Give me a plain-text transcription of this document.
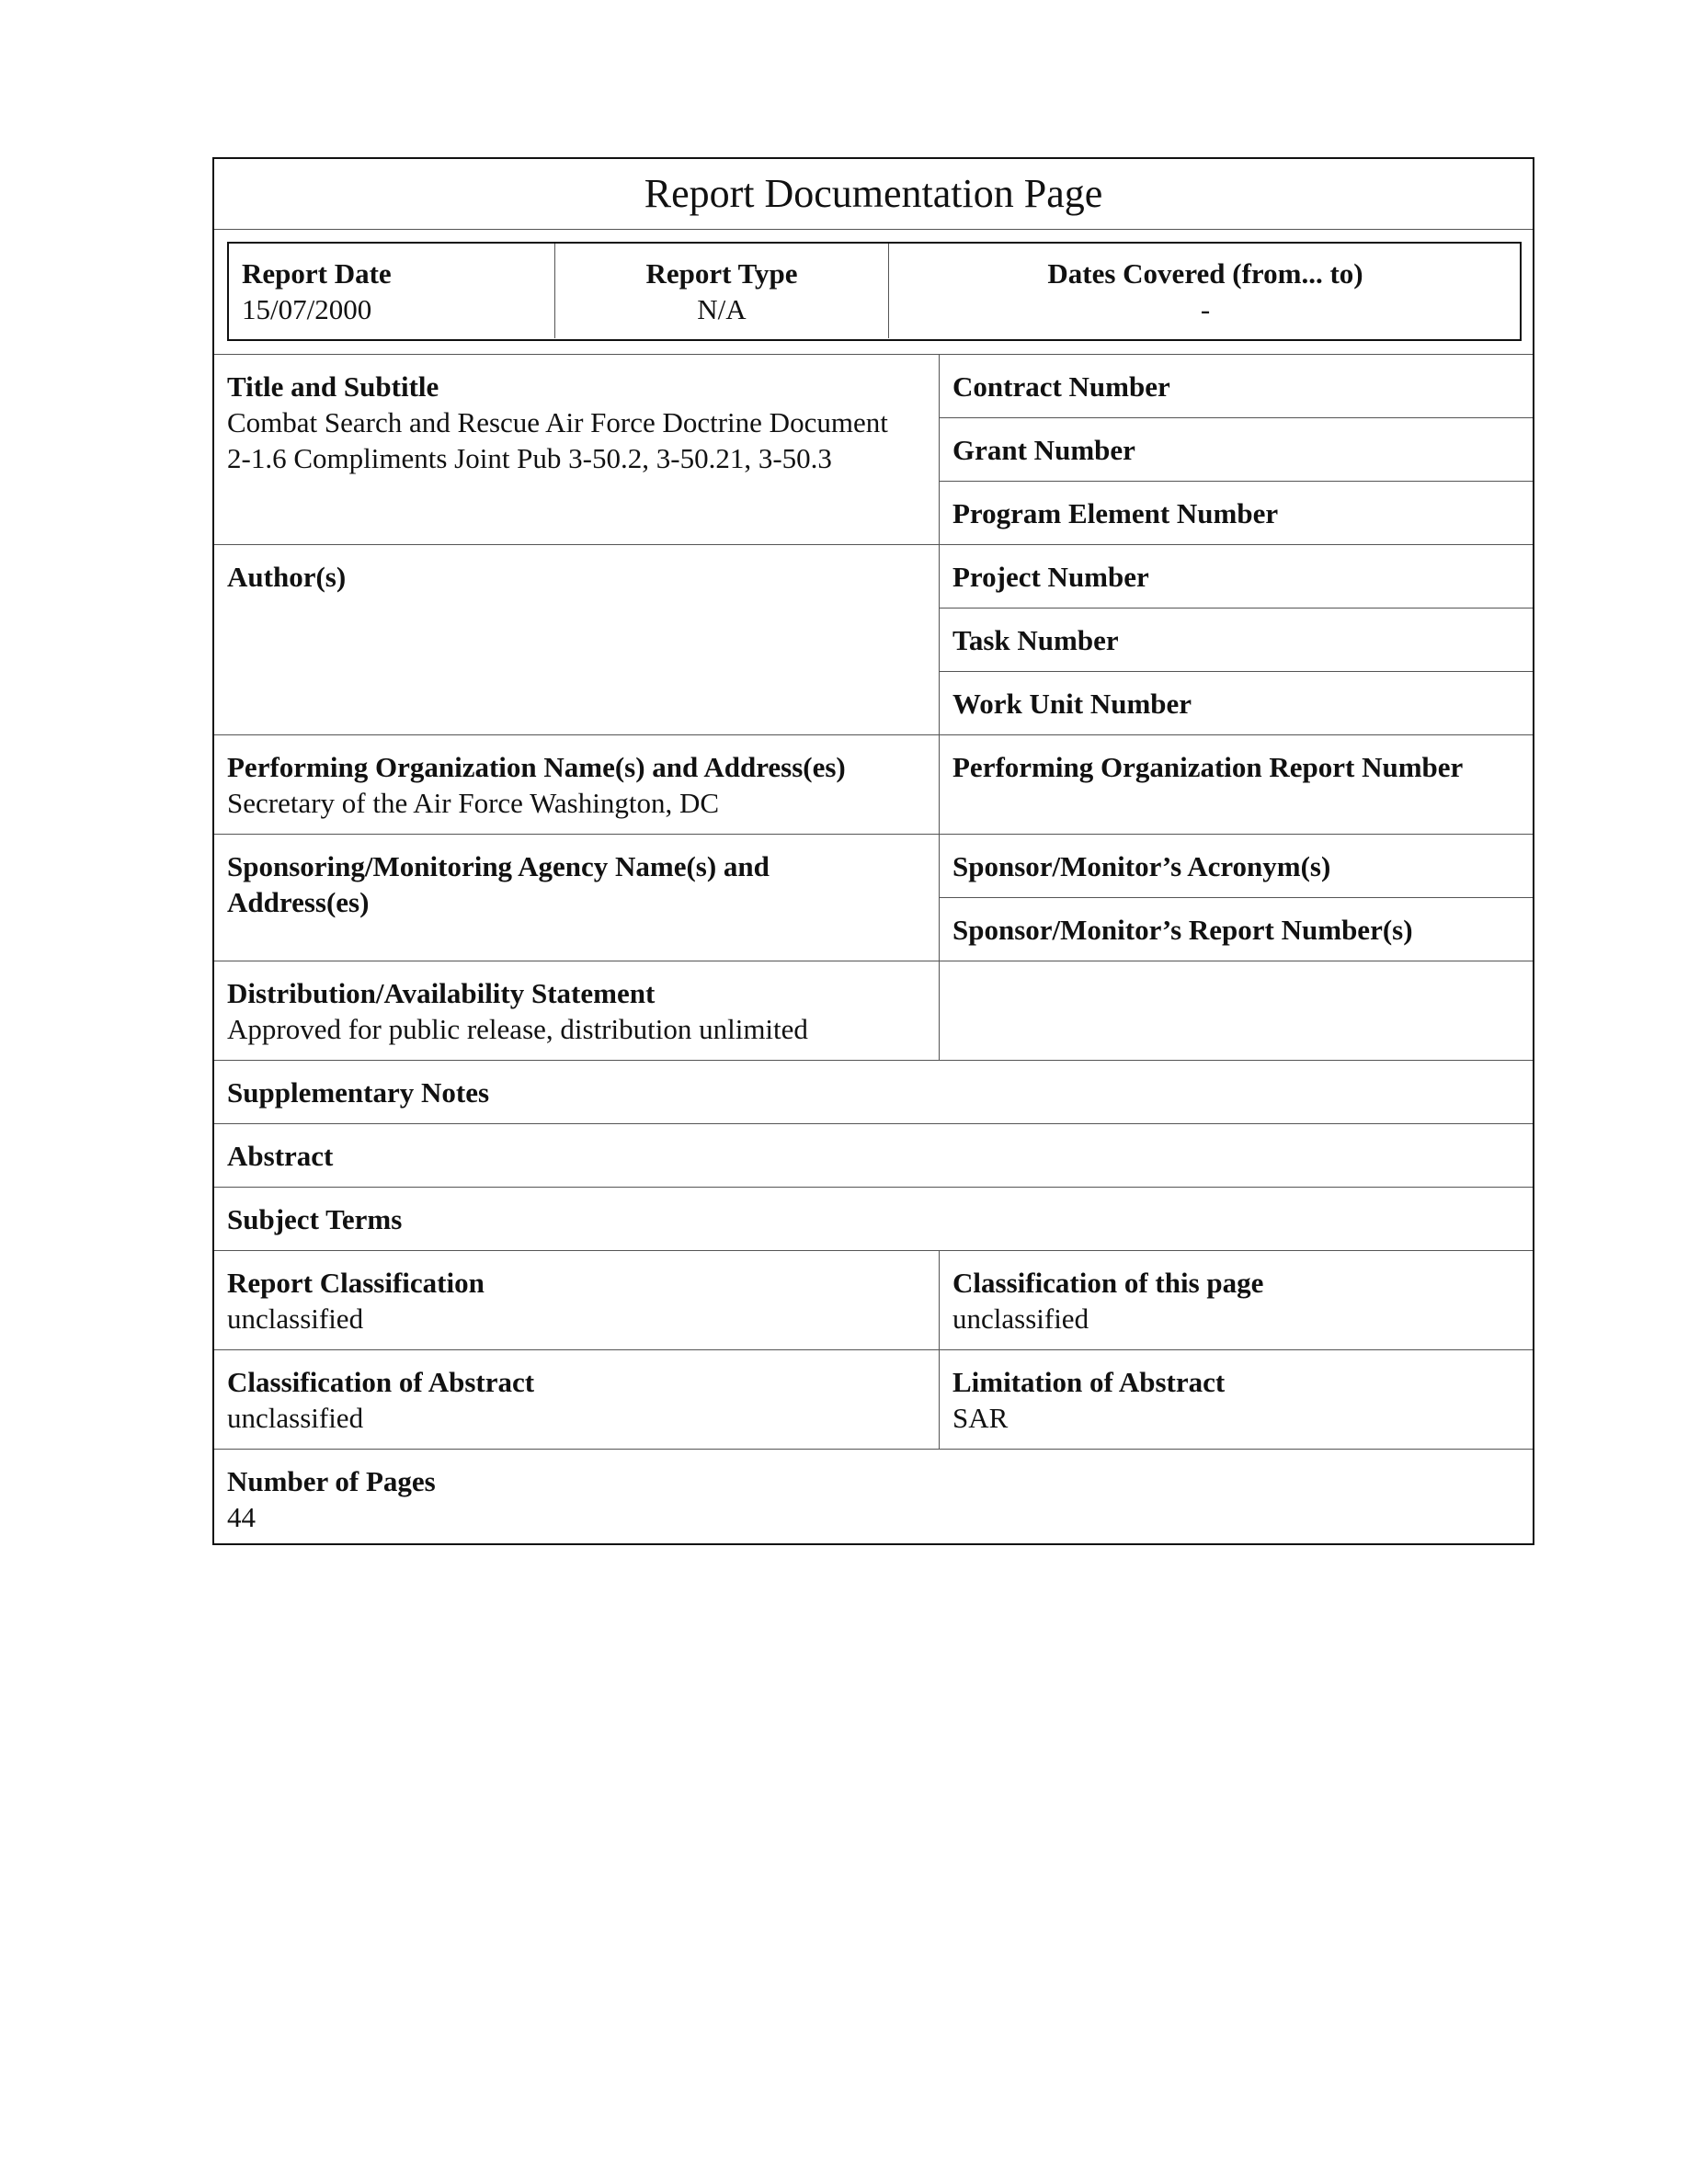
Report Documentation Page
Report Date
15/07/2000
Report Type
N/A
Dates Covered (from... to)
-
Title and Subtitle
Combat Search and Rescue Air Force Doctrine Document
2-1.6 Compliments Joint Pub 3-50.2, 3-50.21, 3-50.3
Contract Number
Grant Number
Program Element Number
Author(s)	Project Number
Task Number
Work Unit Number
Performing Organization Name(s) and Address(es)
Secretary of the Air Force Washington, DC
Performing Organization Report Number
Sponsoring/Monitoring Agency Name(s) and
Address(es)
Sponsor/Monitor’s Acronym(s)
Sponsor/Monitor’s Report Number(s)
Distribution/Availability Statement
Approved for public release, distribution unlimited
Supplementary Notes
Abstract
Subject Terms
Report Classification
unclassified
Classification of this page
unclassified
Classification of Abstract
unclassified
Limitation of Abstract
SAR
Number of Pages
44
